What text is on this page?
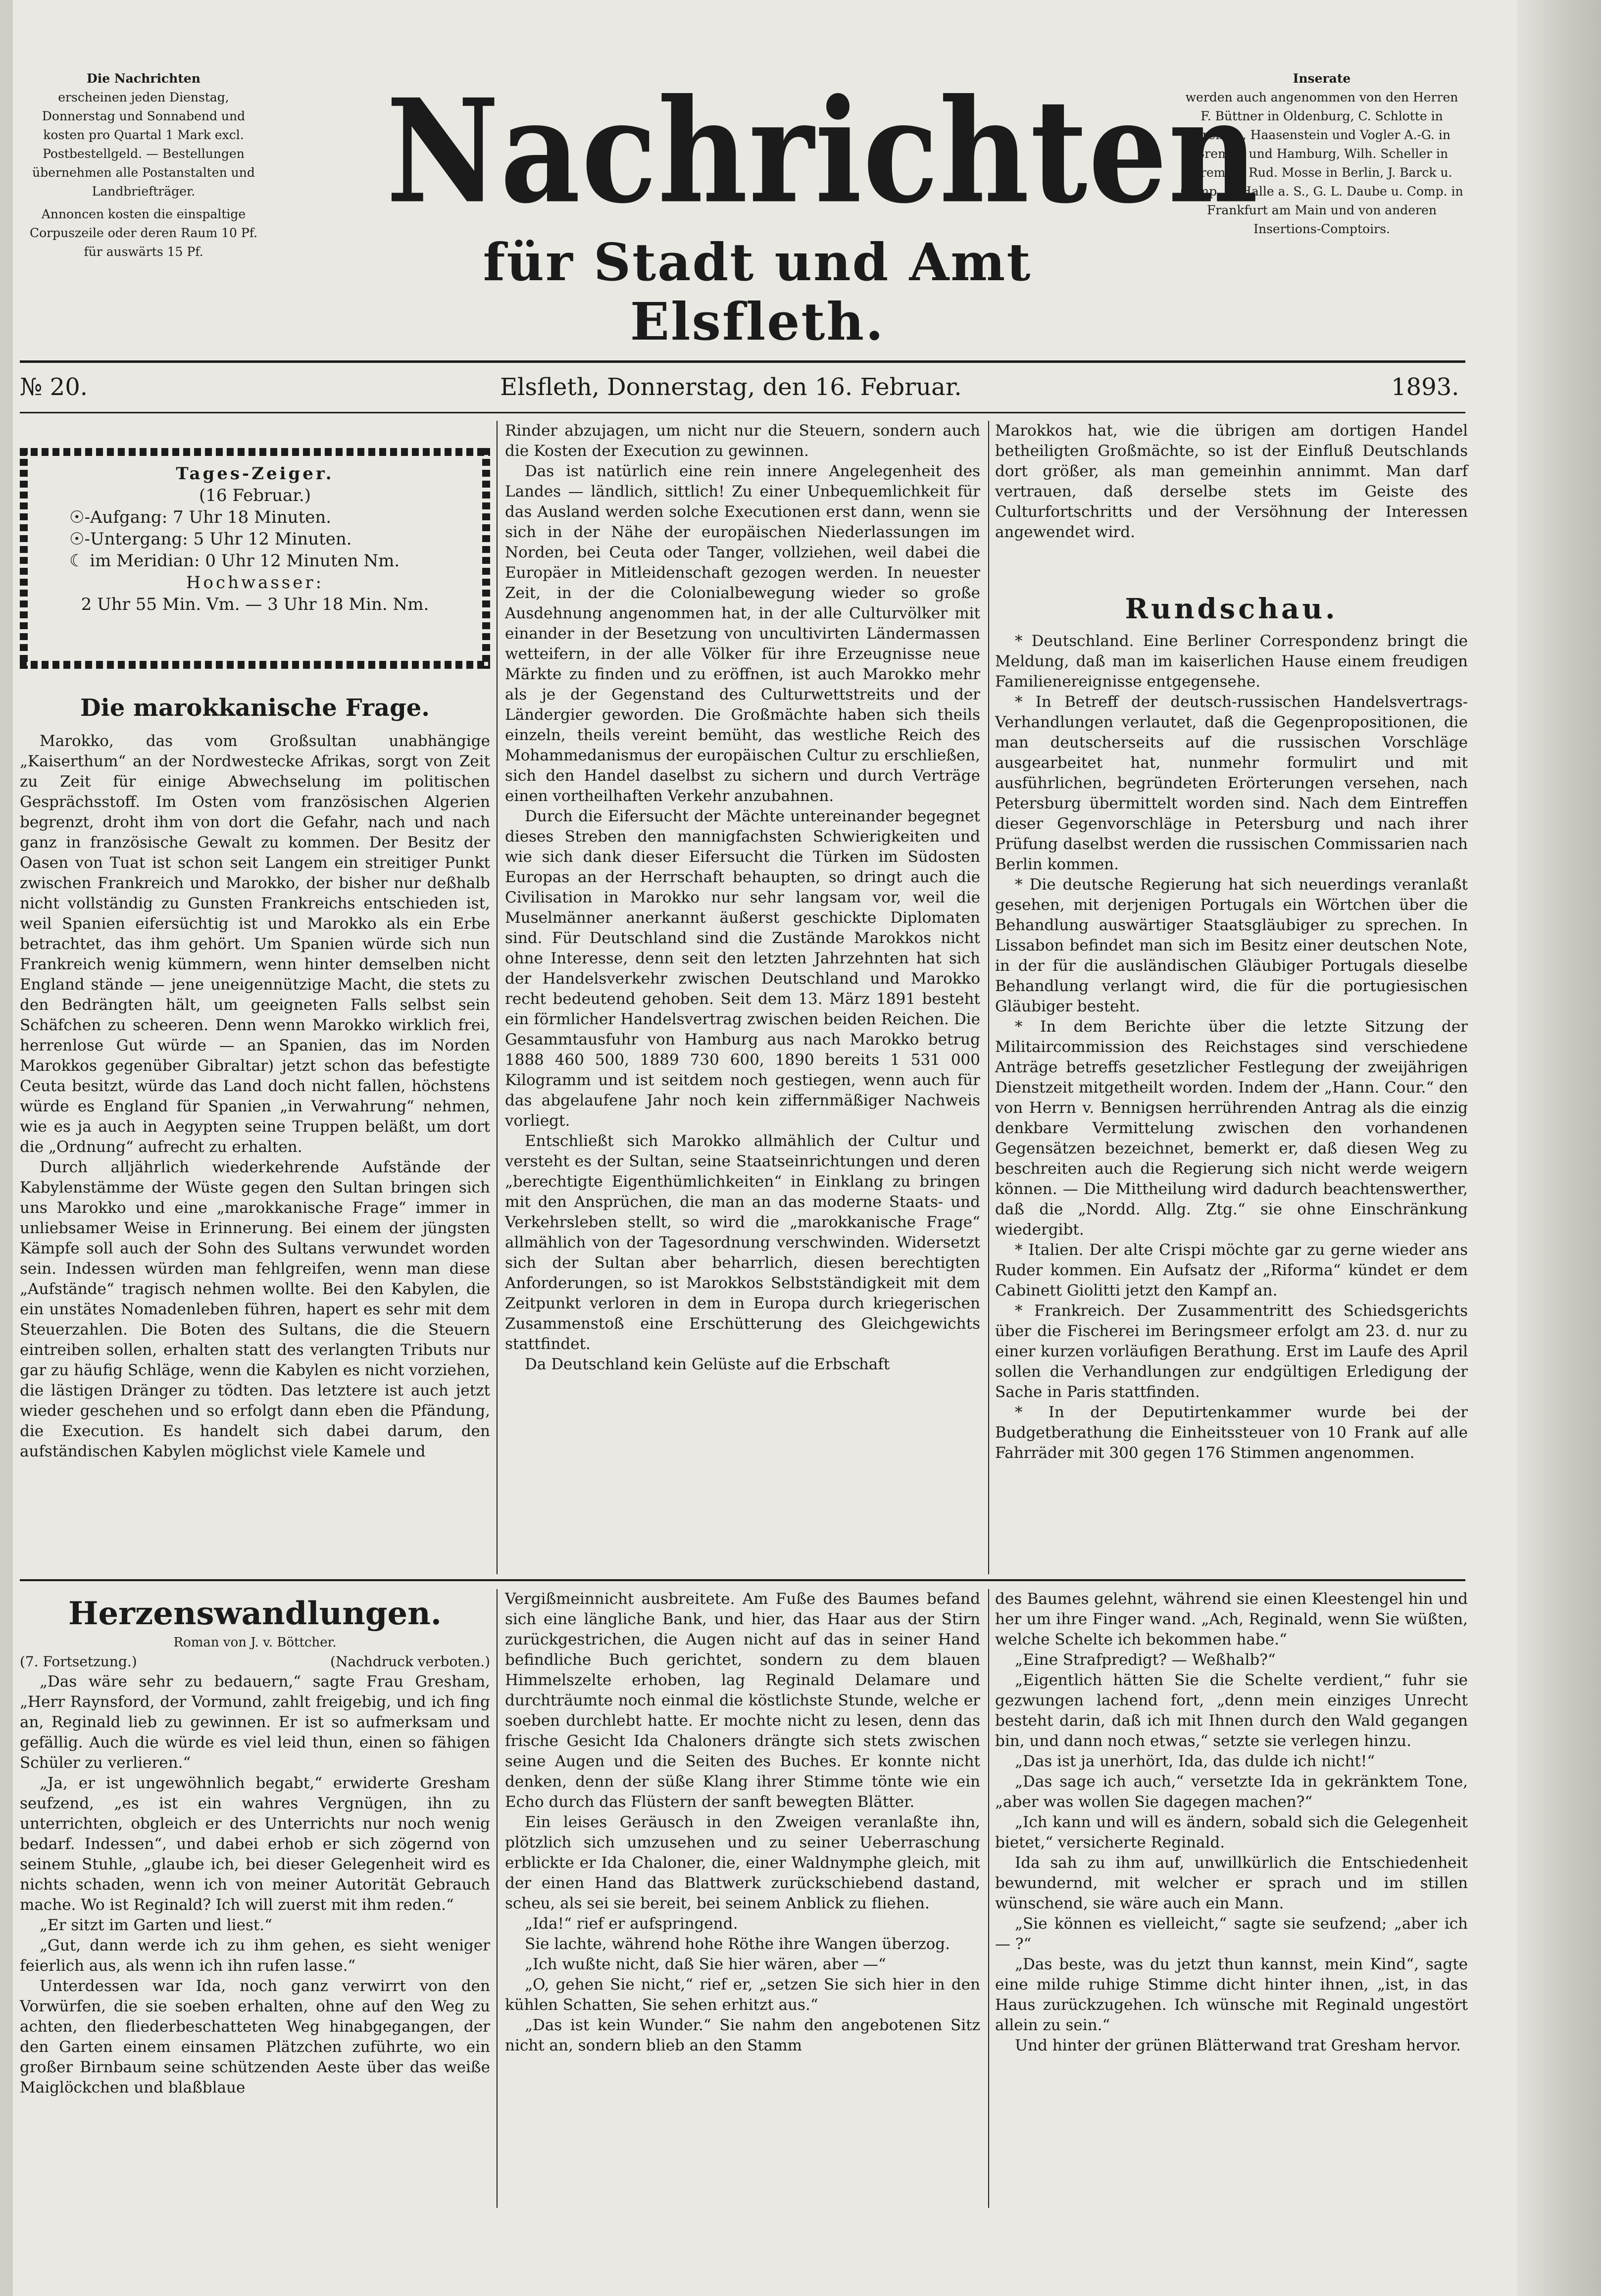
Die Nachrichten
erscheinen jeden Dienstag, Donnerstag und Sonnabend und kosten pro Quartal 1 Mark excl. Postbestellgeld. — Bestellungen übernehmen alle Postanstalten und Landbriefträger.
Annoncen kosten die einspaltige Corpuszeile oder deren Raum 10 Pf. für auswärts 15 Pf.
Nachrichten
für Stadt und Amt Elsfleth.
Inserate
werden auch angenommen von den Herren F. Büttner in Oldenburg, C. Schlotte in Bremen, Haasenstein und Vogler A.-G. in Bremen und Hamburg, Wilh. Scheller in Bremen, Rud. Mosse in Berlin, J. Barck u. Comp. in Halle a. S., G. L. Daube u. Comp. in Frankfurt am Main und von anderen Insertions-Comptoirs.
№ 20.	Elsfleth, Donnerstag, den 16. Februar.	1893.
Tages-Zeiger.
(16 Februar.)
☉-Aufgang: 7 Uhr 18 Minuten.
☉-Untergang: 5 Uhr 12 Minuten.
☾ im Meridian: 0 Uhr 12 Minuten Nm.
Hochwasser:
2 Uhr 55 Min. Vm. — 3 Uhr 18 Min. Nm.
Die marokkanische Frage.

Marokko, das vom Großsultan unabhängige „Kaiserthum“ an der Nordwestecke Afrikas, sorgt von Zeit zu Zeit für einige Abwechselung im politischen Gesprächsstoff. Im Osten vom französischen Algerien begrenzt, droht ihm von dort die Gefahr, nach und nach ganz in französische Gewalt zu kommen. Der Besitz der Oasen von Tuat ist schon seit Langem ein streitiger Punkt zwischen Frankreich und Marokko, der bisher nur deßhalb nicht vollständig zu Gunsten Frankreichs entschieden ist, weil Spanien eifersüchtig ist und Marokko als ein Erbe betrachtet, das ihm gehört. Um Spanien würde sich nun Frankreich wenig kümmern, wenn hinter demselben nicht England stände — jene uneigennützige Macht, die stets zu den Bedrängten hält, um geeigneten Falls selbst sein Schäfchen zu scheeren. Denn wenn Marokko wirklich frei, herrenlose Gut würde — an Spanien, das im Norden Marokkos gegenüber Gibraltar) jetzt schon das befestigte Ceuta besitzt, würde das Land doch nicht fallen, höchstens würde es England für Spanien „in Verwahrung“ nehmen, wie es ja auch in Aegypten seine Truppen beläßt, um dort die „Ordnung“ aufrecht zu erhalten.

Durch alljährlich wiederkehrende Aufstände der Kabylenstämme der Wüste gegen den Sultan bringen sich uns Marokko und eine „marokkanische Frage“ immer in unliebsamer Weise in Erinnerung. Bei einem der jüngsten Kämpfe soll auch der Sohn des Sultans verwundet worden sein. Indessen würden man fehlgreifen, wenn man diese „Aufstände“ tragisch nehmen wollte. Bei den Kabylen, die ein unstätes Nomadenleben führen, hapert es sehr mit dem Steuerzahlen. Die Boten des Sultans, die die Steuern eintreiben sollen, erhalten statt des verlangten Tributs nur gar zu häufig Schläge, wenn die Kabylen es nicht vorziehen, die lästigen Dränger zu tödten. Das letztere ist auch jetzt wieder geschehen und so erfolgt dann eben die Pfändung, die Execution. Es handelt sich dabei darum, den aufständischen Kabylen möglichst viele Kamele und

Rinder abzujagen, um nicht nur die Steuern, sondern auch die Kosten der Execution zu gewinnen.

Das ist natürlich eine rein innere Angelegenheit des Landes — ländlich, sittlich! Zu einer Unbequemlichkeit für das Ausland werden solche Executionen erst dann, wenn sie sich in der Nähe der europäischen Niederlassungen im Norden, bei Ceuta oder Tanger, vollziehen, weil dabei die Europäer in Mitleidenschaft gezogen werden. In neuester Zeit, in der die Colonialbewegung wieder so große Ausdehnung angenommen hat, in der alle Culturvölker mit einander in der Besetzung von uncultivirten Ländermassen wetteifern, in der alle Völker für ihre Erzeugnisse neue Märkte zu finden und zu eröffnen, ist auch Marokko mehr als je der Gegenstand des Culturwettstreits und der Ländergier geworden. Die Großmächte haben sich theils einzeln, theils vereint bemüht, das westliche Reich des Mohammedanismus der europäischen Cultur zu erschließen, sich den Handel daselbst zu sichern und durch Verträge einen vortheilhaften Verkehr anzubahnen.

Durch die Eifersucht der Mächte untereinander begegnet dieses Streben den mannigfachsten Schwierigkeiten und wie sich dank dieser Eifersucht die Türken im Südosten Europas an der Herrschaft behaupten, so dringt auch die Civilisation in Marokko nur sehr langsam vor, weil die Muselmänner anerkannt äußerst geschickte Diplomaten sind. Für Deutschland sind die Zustände Marokkos nicht ohne Interesse, denn seit den letzten Jahrzehnten hat sich der Handelsverkehr zwischen Deutschland und Marokko recht bedeutend gehoben. Seit dem 13. März 1891 besteht ein förmlicher Handelsvertrag zwischen beiden Reichen. Die Gesammtausfuhr von Hamburg aus nach Marokko betrug 1888 460 500, 1889 730 600, 1890 bereits 1 531 000 Kilogramm und ist seitdem noch gestiegen, wenn auch für das abgelaufene Jahr noch kein ziffernmäßiger Nachweis vorliegt.

Entschließt sich Marokko allmählich der Cultur und versteht es der Sultan, seine Staatseinrichtungen und deren „berechtigte Eigenthümlichkeiten“ in Einklang zu bringen mit den Ansprüchen, die man an das moderne Staats- und Verkehrsleben stellt, so wird die „marokkanische Frage“ allmählich von der Tagesordnung verschwinden. Widersetzt sich der Sultan aber beharrlich, diesen berechtigten Anforderungen, so ist Marokkos Selbstständigkeit mit dem Zeitpunkt verloren in dem in Europa durch kriegerischen Zusammenstoß eine Erschütterung des Gleichgewichts stattfindet.

Da Deutschland kein Gelüste auf die Erbschaft

Marokkos hat, wie die übrigen am dortigen Handel betheiligten Großmächte, so ist der Einfluß Deutschlands dort größer, als man gemeinhin annimmt. Man darf vertrauen, daß derselbe stets im Geiste des Culturfortschritts und der Versöhnung der Interessen angewendet wird.

Rundschau.

* Deutschland. Eine Berliner Correspondenz bringt die Meldung, daß man im kaiserlichen Hause einem freudigen Familienereignisse entgegensehe.

* In Betreff der deutsch-russischen Handelsvertrags-Verhandlungen verlautet, daß die Gegenpropositionen, die man deutscherseits auf die russischen Vorschläge ausgearbeitet hat, nunmehr formulirt und mit ausführlichen, begründeten Erörterungen versehen, nach Petersburg übermittelt worden sind. Nach dem Eintreffen dieser Gegenvorschläge in Petersburg und nach ihrer Prüfung daselbst werden die russischen Commissarien nach Berlin kommen.

* Die deutsche Regierung hat sich neuerdings veranlaßt gesehen, mit derjenigen Portugals ein Wörtchen über die Behandlung auswärtiger Staatsgläubiger zu sprechen. In Lissabon befindet man sich im Besitz einer deutschen Note, in der für die ausländischen Gläubiger Portugals dieselbe Behandlung verlangt wird, die für die portugiesischen Gläubiger besteht.

* In dem Berichte über die letzte Sitzung der Militaircommission des Reichstages sind verschiedene Anträge betreffs gesetzlicher Festlegung der zweijährigen Dienstzeit mitgetheilt worden. Indem der „Hann. Cour.“ den von Herrn v. Bennigsen herrührenden Antrag als die einzig denkbare Vermittelung zwischen den vorhandenen Gegensätzen bezeichnet, bemerkt er, daß diesen Weg zu beschreiten auch die Regierung sich nicht werde weigern können. — Die Mittheilung wird dadurch beachtenswerther, daß die „Nordd. Allg. Ztg.“ sie ohne Einschränkung wiedergibt.

* Italien. Der alte Crispi möchte gar zu gerne wieder ans Ruder kommen. Ein Aufsatz der „Riforma“ kündet er dem Cabinett Giolitti jetzt den Kampf an.

* Frankreich. Der Zusammentritt des Schiedsgerichts über die Fischerei im Beringsmeer erfolgt am 23. d. nur zu einer kurzen vorläufigen Berathung. Erst im Laufe des April sollen die Verhandlungen zur endgültigen Erledigung der Sache in Paris stattfinden.

* In der Deputirtenkammer wurde bei der Budgetberathung die Einheitssteuer von 10 Frank auf alle Fahrräder mit 300 gegen 176 Stimmen angenommen.

Herzenswandlungen.
Roman von J. v. Böttcher.
(7. Fortsetzung.)	(Nachdruck verboten.)

„Das wäre sehr zu bedauern,“ sagte Frau Gresham, „Herr Raynsford, der Vormund, zahlt freigebig, und ich fing an, Reginald lieb zu gewinnen. Er ist so aufmerksam und gefällig. Auch die würde es viel leid thun, einen so fähigen Schüler zu verlieren.“

„Ja, er ist ungewöhnlich begabt,“ erwiderte Gresham seufzend, „es ist ein wahres Vergnügen, ihn zu unterrichten, obgleich er des Unterrichts nur noch wenig bedarf. Indessen“, und dabei erhob er sich zögernd von seinem Stuhle, „glaube ich, bei dieser Gelegenheit wird es nichts schaden, wenn ich von meiner Autorität Gebrauch mache. Wo ist Reginald? Ich will zuerst mit ihm reden.“

„Er sitzt im Garten und liest.“

„Gut, dann werde ich zu ihm gehen, es sieht weniger feierlich aus, als wenn ich ihn rufen lasse.“

Unterdessen war Ida, noch ganz verwirrt von den Vorwürfen, die sie soeben erhalten, ohne auf den Weg zu achten, den fliederbeschatteten Weg hinabgegangen, der den Garten einem einsamen Plätzchen zuführte, wo ein großer Birnbaum seine schützenden Aeste über das weiße Maiglöckchen und blaßblaue

Vergißmeinnicht ausbreitete. Am Fuße des Baumes befand sich eine längliche Bank, und hier, das Haar aus der Stirn zurückgestrichen, die Augen nicht auf das in seiner Hand befindliche Buch gerichtet, sondern zu dem blauen Himmelszelte erhoben, lag Reginald Delamare und durchträumte noch einmal die köstlichste Stunde, welche er soeben durchlebt hatte. Er mochte nicht zu lesen, denn das frische Gesicht Ida Chaloners drängte sich stets zwischen seine Augen und die Seiten des Buches. Er konnte nicht denken, denn der süße Klang ihrer Stimme tönte wie ein Echo durch das Flüstern der sanft bewegten Blätter.

Ein leises Geräusch in den Zweigen veranlaßte ihn, plötzlich sich umzusehen und zu seiner Ueberraschung erblickte er Ida Chaloner, die, einer Waldnymphe gleich, mit der einen Hand das Blattwerk zurückschiebend dastand, scheu, als sei sie bereit, bei seinem Anblick zu fliehen.

„Ida!“ rief er aufspringend.

Sie lachte, während hohe Röthe ihre Wangen überzog.

„Ich wußte nicht, daß Sie hier wären, aber —“

„O, gehen Sie nicht,“ rief er, „setzen Sie sich hier in den kühlen Schatten, Sie sehen erhitzt aus.“

„Das ist kein Wunder.“ Sie nahm den angebotenen Sitz nicht an, sondern blieb an den Stamm

des Baumes gelehnt, während sie einen Kleestengel hin und her um ihre Finger wand. „Ach, Reginald, wenn Sie wüßten, welche Schelte ich bekommen habe.“

„Eine Strafpredigt? — Weßhalb?“

„Eigentlich hätten Sie die Schelte verdient,“ fuhr sie gezwungen lachend fort, „denn mein einziges Unrecht besteht darin, daß ich mit Ihnen durch den Wald gegangen bin, und dann noch etwas,“ setzte sie verlegen hinzu.

„Das ist ja unerhört, Ida, das dulde ich nicht!“

„Das sage ich auch,“ versetzte Ida in gekränktem Tone, „aber was wollen Sie dagegen machen?“

„Ich kann und will es ändern, sobald sich die Gelegenheit bietet,“ versicherte Reginald.

Ida sah zu ihm auf, unwillkürlich die Entschiedenheit bewundernd, mit welcher er sprach und im stillen wünschend, sie wäre auch ein Mann.

„Sie können es vielleicht,“ sagte sie seufzend; „aber ich — ?“

„Das beste, was du jetzt thun kannst, mein Kind“, sagte eine milde ruhige Stimme dicht hinter ihnen, „ist, in das Haus zurückzugehen. Ich wünsche mit Reginald ungestört allein zu sein.“

Und hinter der grünen Blätterwand trat Gresham hervor.
